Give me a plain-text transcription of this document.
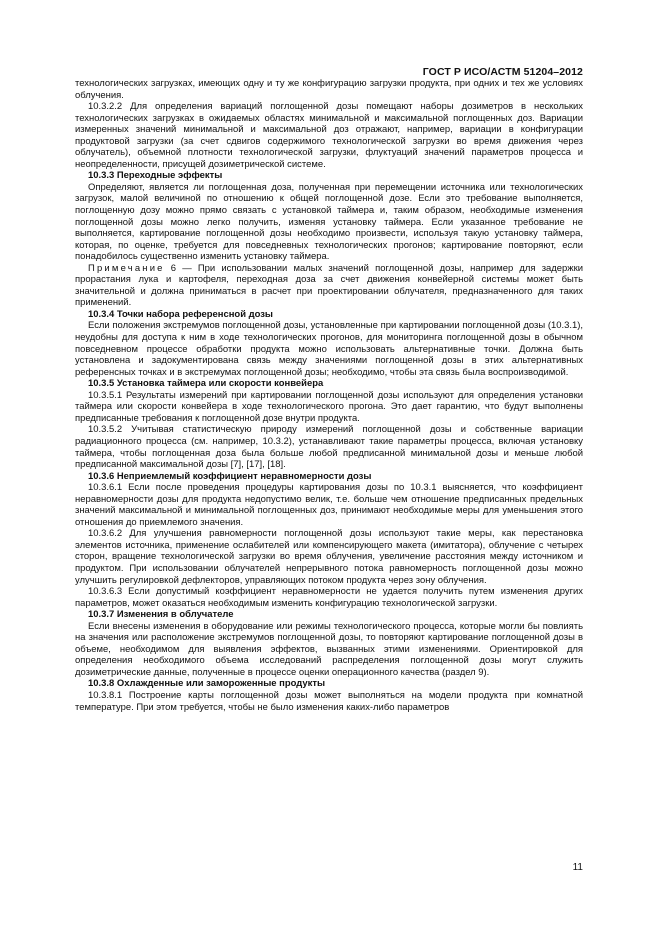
ГОСТ Р ИСО/АСТМ 51204–2012

технологических загрузках, имеющих одну и ту же конфигурацию загрузки продукта, при одних и тех же условиях облучения.

10.3.2.2 Для определения вариаций поглощенной дозы помещают наборы дозиметров в нескольких технологических загрузках в ожидаемых областях минимальной и максимальной поглощенных доз. Вариации измеренных значений минимальной и максимальной доз отражают, например, вариации в конфигурации продуктовой загрузки (за счет сдвигов содержимого технологической загрузки во время движения через облучатель), объемной плотности технологической загрузки, флуктуаций значений параметров процесса и неопределенности, присущей дозиметрической системе.

10.3.3 Переходные эффекты

Определяют, является ли поглощенная доза, полученная при перемещении источника или технологических загрузок, малой величиной по отношению к общей поглощенной дозе. Если это требование выполняется, поглощенную дозу можно прямо связать с установкой таймера и, таким образом, необходимые изменения поглощенной дозы можно легко получить, изменяя установку таймера. Если указанное требование не выполняется, картирование поглощенной дозы необходимо произвести, используя такую установку таймера, которая, по оценке, требуется для повседневных технологических прогонов; картирование повторяют, если понадобилось существенно изменить установку таймера.

Примечание 6 — При использовании малых значений поглощенной дозы, например для задержки прорастания лука и картофеля, переходная доза за счет движения конвейерной системы может быть значительной и должна приниматься в расчет при проектировании облучателя, предназначенного для таких применений.

10.3.4 Точки набора референсной дозы

Если положения экстремумов поглощенной дозы, установленные при картировании поглощенной дозы (10.3.1), неудобны для доступа к ним в ходе технологических прогонов, для мониторинга поглощенной дозы в обычном повседневном процессе обработки продукта можно использовать альтернативные точки. Должна быть установлена и задокументирована связь между значениями поглощенной дозы в этих альтернативных референсных точках и в экстремумах поглощенной дозы; необходимо, чтобы эта связь была воспроизводимой.

10.3.5 Установка таймера или скорости конвейера

10.3.5.1 Результаты измерений при картировании поглощенной дозы используют для определения установки таймера или скорости конвейера в ходе технологического прогона. Это дает гарантию, что будут выполнены предписанные требования к поглощенной дозе внутри продукта.

10.3.5.2 Учитывая статистическую природу измерений поглощенной дозы и собственные вариации радиационного процесса (см. например, 10.3.2), устанавливают такие параметры процесса, включая установку таймера, чтобы поглощенная доза была больше любой предписанной минимальной дозы и меньше любой предписанной максимальной дозы [7], [17], [18].

10.3.6 Неприемлемый коэффициент неравномерности дозы

10.3.6.1 Если после проведения процедуры картирования дозы по 10.3.1 выясняется, что коэффициент неравномерности дозы для продукта недопустимо велик, т.е. больше чем отношение предписанных предельных значений максимальной и минимальной поглощенных доз, принимают необходимые меры для уменьшения этого отношения до приемлемого значения.

10.3.6.2 Для улучшения равномерности поглощенной дозы используют такие меры, как перестановка элементов источника, применение ослабителей или компенсирующего макета (имитатора), облучение с четырех сторон, вращение технологической загрузки во время облучения, увеличение расстояния между источником и продуктом. При использовании облучателей непрерывного потока равномерность поглощенной дозы можно улучшить регулировкой дефлекторов, управляющих потоком продукта через зону облучения.

10.3.6.3 Если допустимый коэффициент неравномерности не удается получить путем изменения других параметров, может оказаться необходимым изменить конфигурацию технологической загрузки.

10.3.7 Изменения в облучателе

Если внесены изменения в оборудование или режимы технологического процесса, которые могли бы повлиять на значения или расположение экстремумов поглощенной дозы, то повторяют картирование поглощенной дозы в объеме, необходимом для выявления эффектов, вызванных этими изменениями. Ориентировкой для определения необходимого объема исследований распределения поглощенной дозы могут служить дозиметрические данные, полученные в процессе оценки операционного качества (раздел 9).

10.3.8 Охлажденные или замороженные продукты

10.3.8.1 Построение карты поглощенной дозы может выполняться на модели продукта при комнатной температуре. При этом требуется, чтобы не было изменения каких-либо параметров

11
